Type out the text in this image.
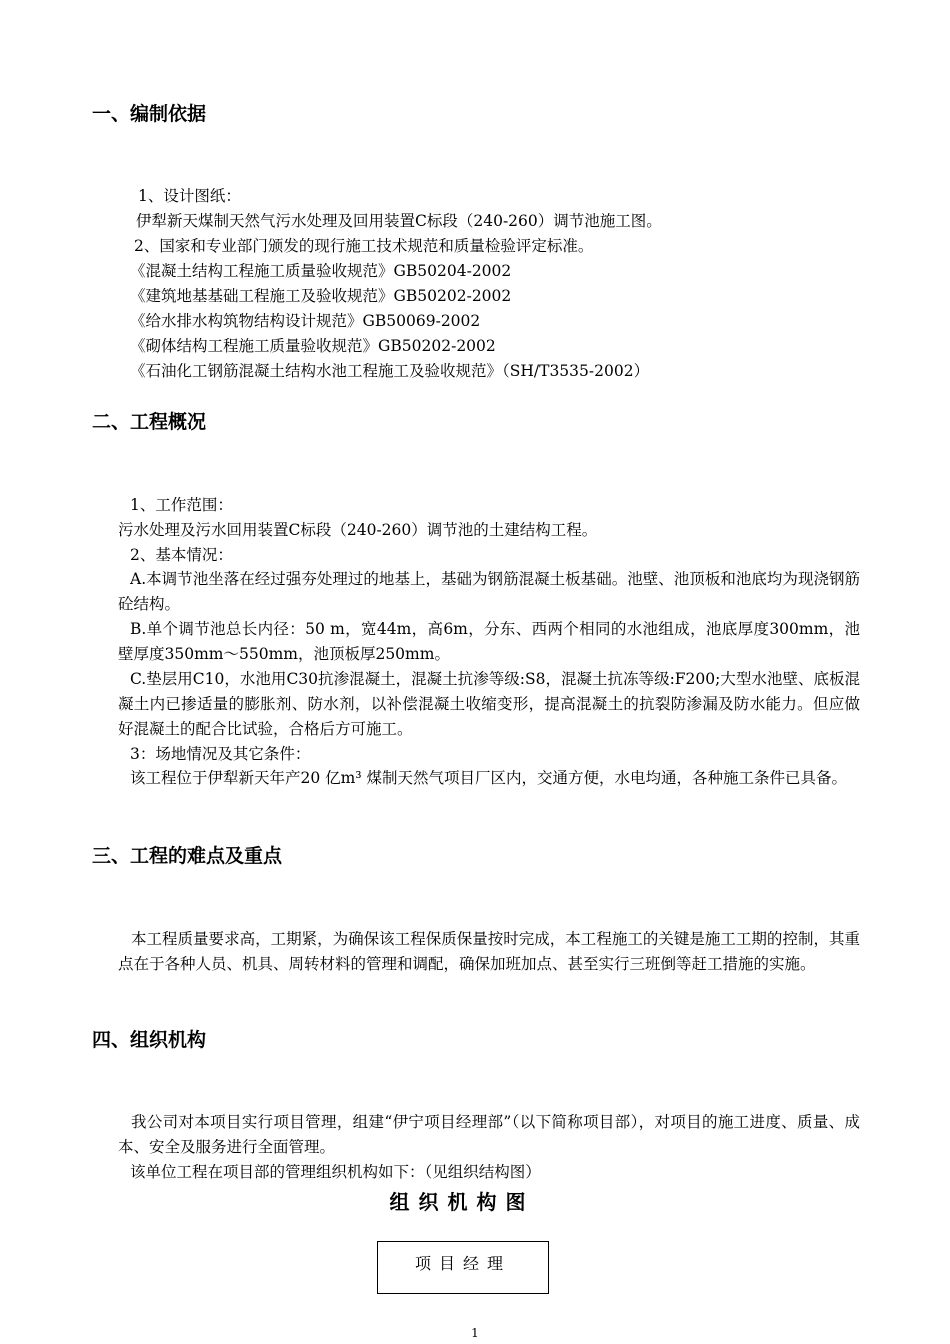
一、编制依据

1、设计图纸：

伊犁新天煤制天然气污水处理及回用装置C标段（240-260）调节池施工图。

2、国家和专业部门颁发的现行施工技术规范和质量检验评定标准。

《混凝土结构工程施工质量验收规范》GB50204-2002

《建筑地基基础工程施工及验收规范》GB50202-2002

《给水排水构筑物结构设计规范》GB50069-2002

《砌体结构工程施工质量验收规范》GB50202-2002

《石油化工钢筋混凝土结构水池工程施工及验收规范》（SH/T3535-2002）

二、工程概况

1、工作范围：

污水处理及污水回用装置C标段（240-260）调节池的土建结构工程。

2、基本情况：

A.本调节池坐落在经过强夯处理过的地基上，基础为钢筋混凝土板基础。池壁、池顶板和池底均为现浇钢筋砼结构。

B.单个调节池总长内径：50 m，宽44m，高6m，分东、西两个相同的水池组成，池底厚度300mm，池壁厚度350mm～550mm，池顶板厚250mm。

C.垫层用C10，水池用C30抗渗混凝土，混凝土抗渗等级:S8，混凝土抗冻等级:F200;大型水池壁、底板混凝土内已掺适量的膨胀剂、防水剂，以补偿混凝土收缩变形，提高混凝土的抗裂防渗漏及防水能力。但应做好混凝土的配合比试验，合格后方可施工。

3：场地情况及其它条件：

该工程位于伊犁新天年产20 亿m³ 煤制天然气项目厂区内，交通方便，水电均通，各种施工条件已具备。

三、工程的难点及重点

本工程质量要求高，工期紧，为确保该工程保质保量按时完成，本工程施工的关键是施工工期的控制，其重点在于各种人员、机具、周转材料的管理和调配，确保加班加点、甚至实行三班倒等赶工措施的实施。

四、组织机构

我公司对本项目实行项目管理，组建“伊宁项目经理部”（以下简称项目部），对项目的施工进度、质量、成本、安全及服务进行全面管理。

该单位工程在项目部的管理组织机构如下：（见组织结构图）

组织机构图
项目经理
1
